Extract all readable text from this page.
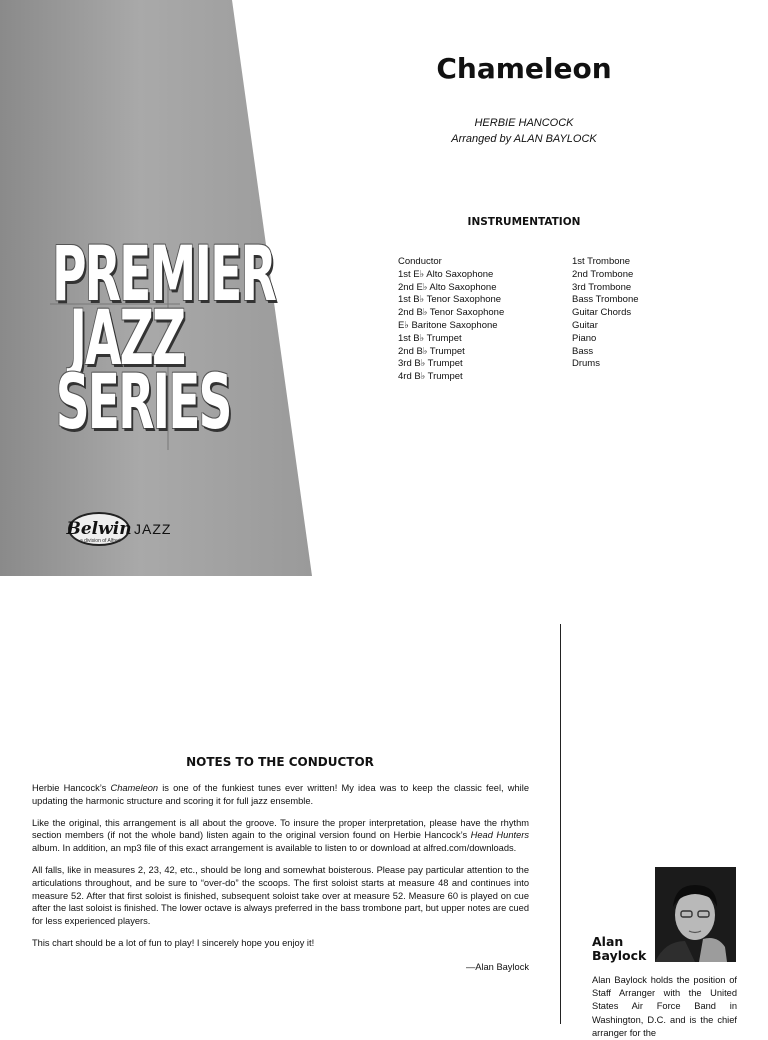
PREMIER
JAZZ
SERIES
Belwin JAZZ
a division of Alfred
Chameleon
HERBIE HANCOCK
Arranged by ALAN BAYLOCK
INSTRUMENTATION
Conductor
1st E♭ Alto Saxophone
2nd E♭ Alto Saxophone
1st B♭ Tenor Saxophone
2nd B♭ Tenor Saxophone
E♭ Baritone Saxophone
1st B♭ Trumpet
2nd B♭ Trumpet
3rd B♭ Trumpet
4rd B♭ Trumpet
1st Trombone
2nd Trombone
3rd Trombone
Bass Trombone
Guitar Chords
Guitar
Piano
Bass
Drums
NOTES TO THE CONDUCTOR

Herbie Hancock’s Chameleon is one of the funkiest tunes ever written! My idea was to keep the classic feel, while updating the harmonic structure and scoring it for full jazz ensemble.

Like the original, this arrangement is all about the groove. To insure the proper interpretation, please have the rhythm section members (if not the whole band) listen again to the original version found on Herbie Hancock’s Head Hunters album. In addition, an mp3 file of this exact arrangement is available to listen to or download at alfred.com/downloads.

All falls, like in measures 2, 23, 42, etc., should be long and somewhat boisterous. Please pay particular attention to the articulations throughout, and be sure to “over-do” the scoops. The first soloist starts at measure 48 and continues into measure 52. After that first soloist is finished, subsequent soloist take over at measure 52. Measure 60 is played on cue after the last soloist is finished. The lower octave is always preferred in the bass trombone part, but upper notes are cued for less experienced players.

This chart should be a lot of fun to play! I sincerely hope you enjoy it!

—Alan Baylock
Alan
Baylock
Alan Baylock holds the position of Staff Arranger with the United States Air Force Band in Washington, D.C. and is the chief arranger for the
